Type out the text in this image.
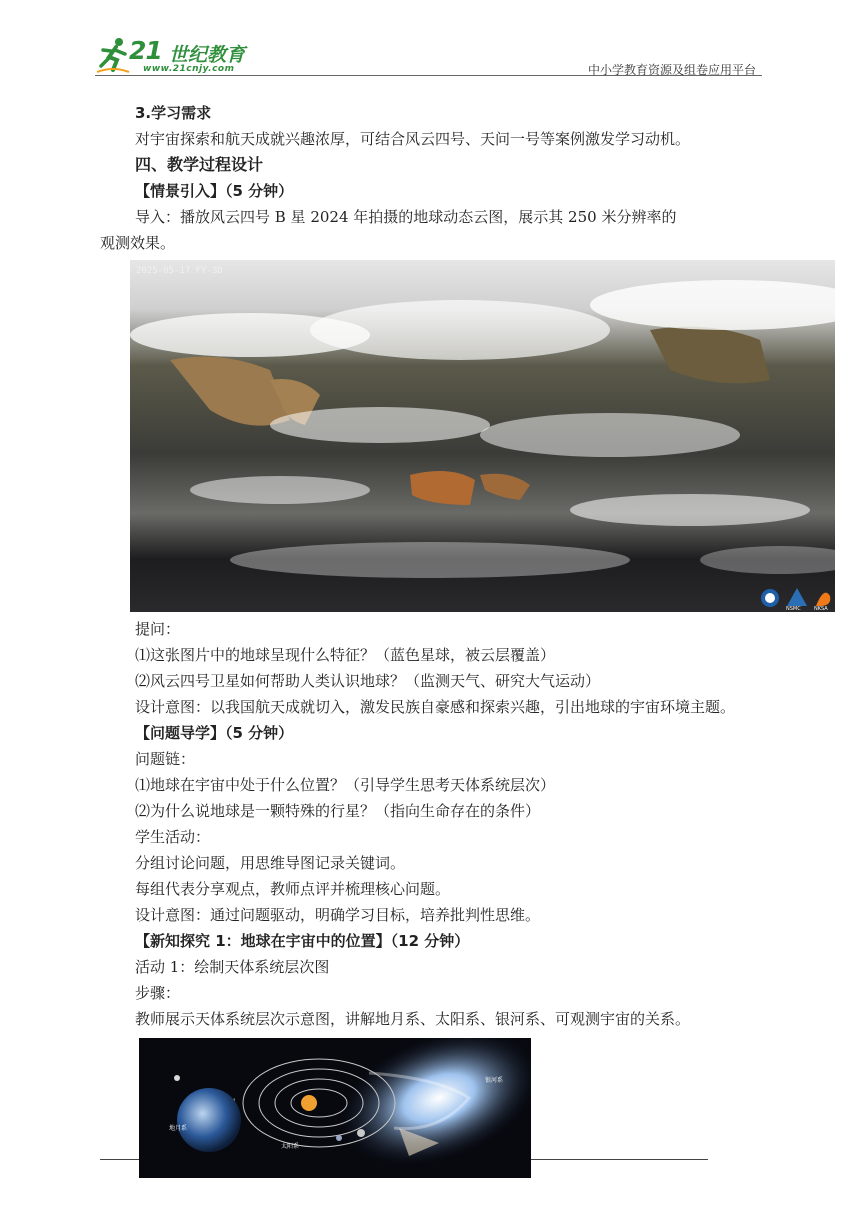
21 世纪教育
www.21cnjy.com	中小学教育资源及组卷应用平台

3.学习需求

对宇宙探索和航天成就兴趣浓厚，可结合风云四号、天问一号等案例激发学习动机。

四、教学过程设计

【情景引入】（5 分钟）

导入：播放风云四号 B 星 2024 年拍摄的地球动态云图，展示其 250 米分辨率的

观测效果。

2025-05-17 FY-3D
NSMC	NKSA

提问：

⑴这张图片中的地球呈现什么特征？（蓝色星球，被云层覆盖）

⑵风云四号卫星如何帮助人类认识地球？（监测天气、研究大气运动）

设计意图：以我国航天成就切入，激发民族自豪感和探索兴趣，引出地球的宇宙环境主题。

【问题导学】（5 分钟）

问题链：

⑴地球在宇宙中处于什么位置？（引导学生思考天体系统层次）

⑵为什么说地球是一颗特殊的行星？（指向生命存在的条件）

学生活动：

分组讨论问题，用思维导图记录关键词。

每组代表分享观点，教师点评并梳理核心问题。

设计意图：通过问题驱动，明确学习目标，培养批判性思维。

【新知探究 1：地球在宇宙中的位置】（12 分钟）

活动 1：绘制天体系统层次图

步骤：

教师展示天体系统层次示意图，讲解地月系、太阳系、银河系、可观测宇宙的关系。

地月系
太阳系
银河系
